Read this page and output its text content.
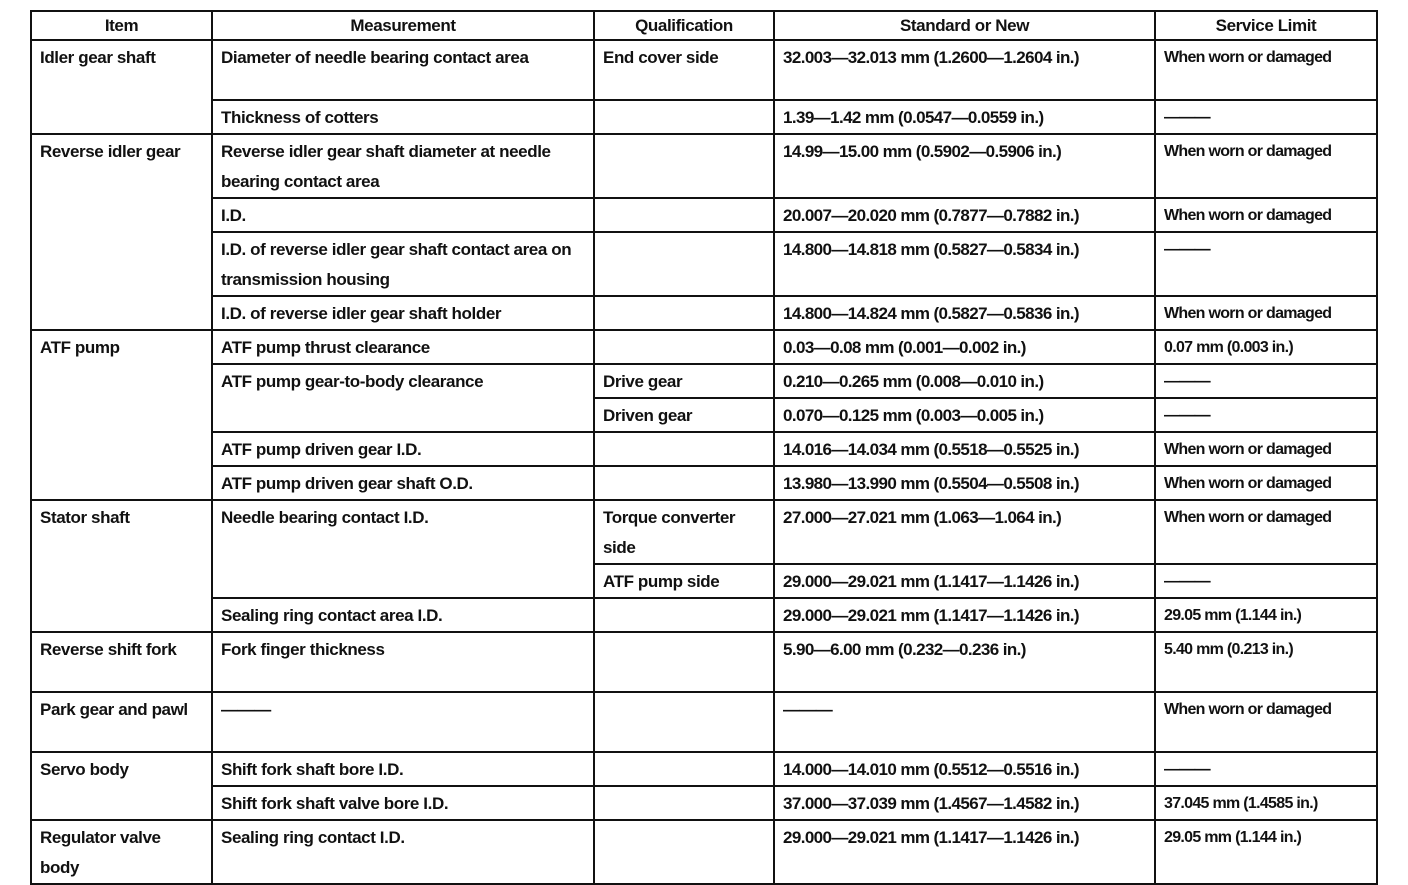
Item	Measurement	Qualification	Standard or New	Service Limit
Idler gear shaft	Diameter of needle bearing contact area	End cover side	32.003—32.013 mm (1.2600—1.2604 in.)	When worn or damaged
	Thickness of cotters		1.39—1.42 mm (0.0547—0.0559 in.)	———
Reverse idler gear	Reverse idler gear shaft diameter at needle bearing contact area		14.99—15.00 mm (0.5902—0.5906 in.)	When worn or damaged
	I.D.		20.007—20.020 mm (0.7877—0.7882 in.)	When worn or damaged
	I.D. of reverse idler gear shaft contact area on transmission housing		14.800—14.818 mm (0.5827—0.5834 in.)	———
	I.D. of reverse idler gear shaft holder		14.800—14.824 mm (0.5827—0.5836 in.)	When worn or damaged
ATF pump	ATF pump thrust clearance		0.03—0.08 mm (0.001—0.002 in.)	0.07 mm (0.003 in.)
	ATF pump gear-to-body clearance	Drive gear	0.210—0.265 mm (0.008—0.010 in.)	———
		Driven gear	0.070—0.125 mm (0.003—0.005 in.)	———
	ATF pump driven gear I.D.		14.016—14.034 mm (0.5518—0.5525 in.)	When worn or damaged
	ATF pump driven gear shaft O.D.		13.980—13.990 mm (0.5504—0.5508 in.)	When worn or damaged
Stator shaft	Needle bearing contact I.D.	Torque converter side	27.000—27.021 mm (1.063—1.064 in.)	When worn or damaged
		ATF pump side	29.000—29.021 mm (1.1417—1.1426 in.)	———
	Sealing ring contact area I.D.		29.000—29.021 mm (1.1417—1.1426 in.)	29.05 mm (1.144 in.)
Reverse shift fork	Fork finger thickness		5.90—6.00 mm (0.232—0.236 in.)	5.40 mm (0.213 in.)
Park gear and pawl	———		———	When worn or damaged
Servo body	Shift fork shaft bore I.D.		14.000—14.010 mm (0.5512—0.5516 in.)	———
	Shift fork shaft valve bore I.D.		37.000—37.039 mm (1.4567—1.4582 in.)	37.045 mm (1.4585 in.)
Regulator valve body	Sealing ring contact I.D.		29.000—29.021 mm (1.1417—1.1426 in.)	29.05 mm (1.144 in.)
